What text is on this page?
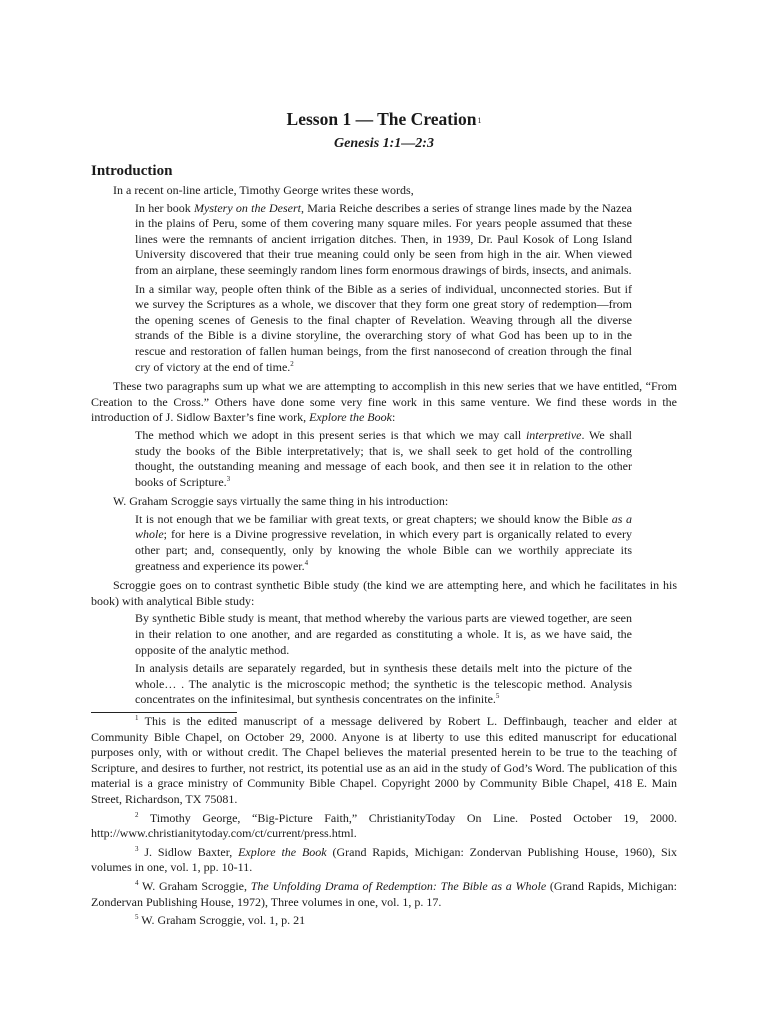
Lesson 1 — The Creation$^1$
Genesis 1:1—2:3
Introduction

In a recent on-line article, Timothy George writes these words,

In her book Mystery on the Desert, Maria Reiche describes a series of strange lines made by the Nazea in the plains of Peru, some of them covering many square miles. For years people assumed that these lines were the remnants of ancient irrigation ditches. Then, in 1939, Dr. Paul Kosok of Long Island University discovered that their true meaning could only be seen from high in the air. When viewed from an airplane, these seemingly random lines form enormous drawings of birds, insects, and animals.

In a similar way, people often think of the Bible as a series of individual, unconnected stories. But if we survey the Scriptures as a whole, we discover that they form one great story of redemption—from the opening scenes of Genesis to the final chapter of Revelation. Weaving through all the diverse strands of the Bible is a divine storyline, the overarching story of what God has been up to in the rescue and restoration of fallen human beings, from the first nanosecond of creation through the final cry of victory at the end of time.$^2$

These two paragraphs sum up what we are attempting to accomplish in this new series that we have entitled, “From Creation to the Cross.” Others have done some very fine work in this same venture. We find these words in the introduction of J. Sidlow Baxter’s fine work, Explore the Book:

The method which we adopt in this present series is that which we may call interpretive. We shall study the books of the Bible interpretatively; that is, we shall seek to get hold of the controlling thought, the outstanding meaning and message of each book, and then see it in relation to the other books of Scripture.$^3$

W. Graham Scroggie says virtually the same thing in his introduction:

It is not enough that we be familiar with great texts, or great chapters; we should know the Bible as a whole; for here is a Divine progressive revelation, in which every part is organically related to every other part; and, consequently, only by knowing the whole Bible can we worthily appreciate its greatness and experience its power.$^4$

Scroggie goes on to contrast synthetic Bible study (the kind we are attempting here, and which he facilitates in his book) with analytical Bible study:

By synthetic Bible study is meant, that method whereby the various parts are viewed together, are seen in their relation to one another, and are regarded as constituting a whole. It is, as we have said, the opposite of the analytic method.

In analysis details are separately regarded, but in synthesis these details melt into the picture of the whole… . The analytic is the microscopic method; the synthetic is the telescopic method. Analysis concentrates on the infinitesimal, but synthesis concentrates on the infinite.$^5$

$^1$ This is the edited manuscript of a message delivered by Robert L. Deffinbaugh, teacher and elder at Community Bible Chapel, on October 29, 2000. Anyone is at liberty to use this edited manuscript for educational purposes only, with or without credit. The Chapel believes the material presented herein to be true to the teaching of Scripture, and desires to further, not restrict, its potential use as an aid in the study of God’s Word. The publication of this material is a grace ministry of Community Bible Chapel. Copyright 2000 by Community Bible Chapel, 418 E. Main Street, Richardson, TX 75081.

$^2$ Timothy George, “Big-Picture Faith,” ChristianityToday On Line. Posted October 19, 2000. http://www.christianitytoday.com/ct/current/press.html.

$^3$ J. Sidlow Baxter, Explore the Book (Grand Rapids, Michigan: Zondervan Publishing House, 1960), Six volumes in one, vol. 1, pp. 10-11.

$^4$ W. Graham Scroggie, The Unfolding Drama of Redemption: The Bible as a Whole (Grand Rapids, Michigan: Zondervan Publishing House, 1972), Three volumes in one, vol. 1, p. 17.

$^5$ W. Graham Scroggie, vol. 1, p. 21
